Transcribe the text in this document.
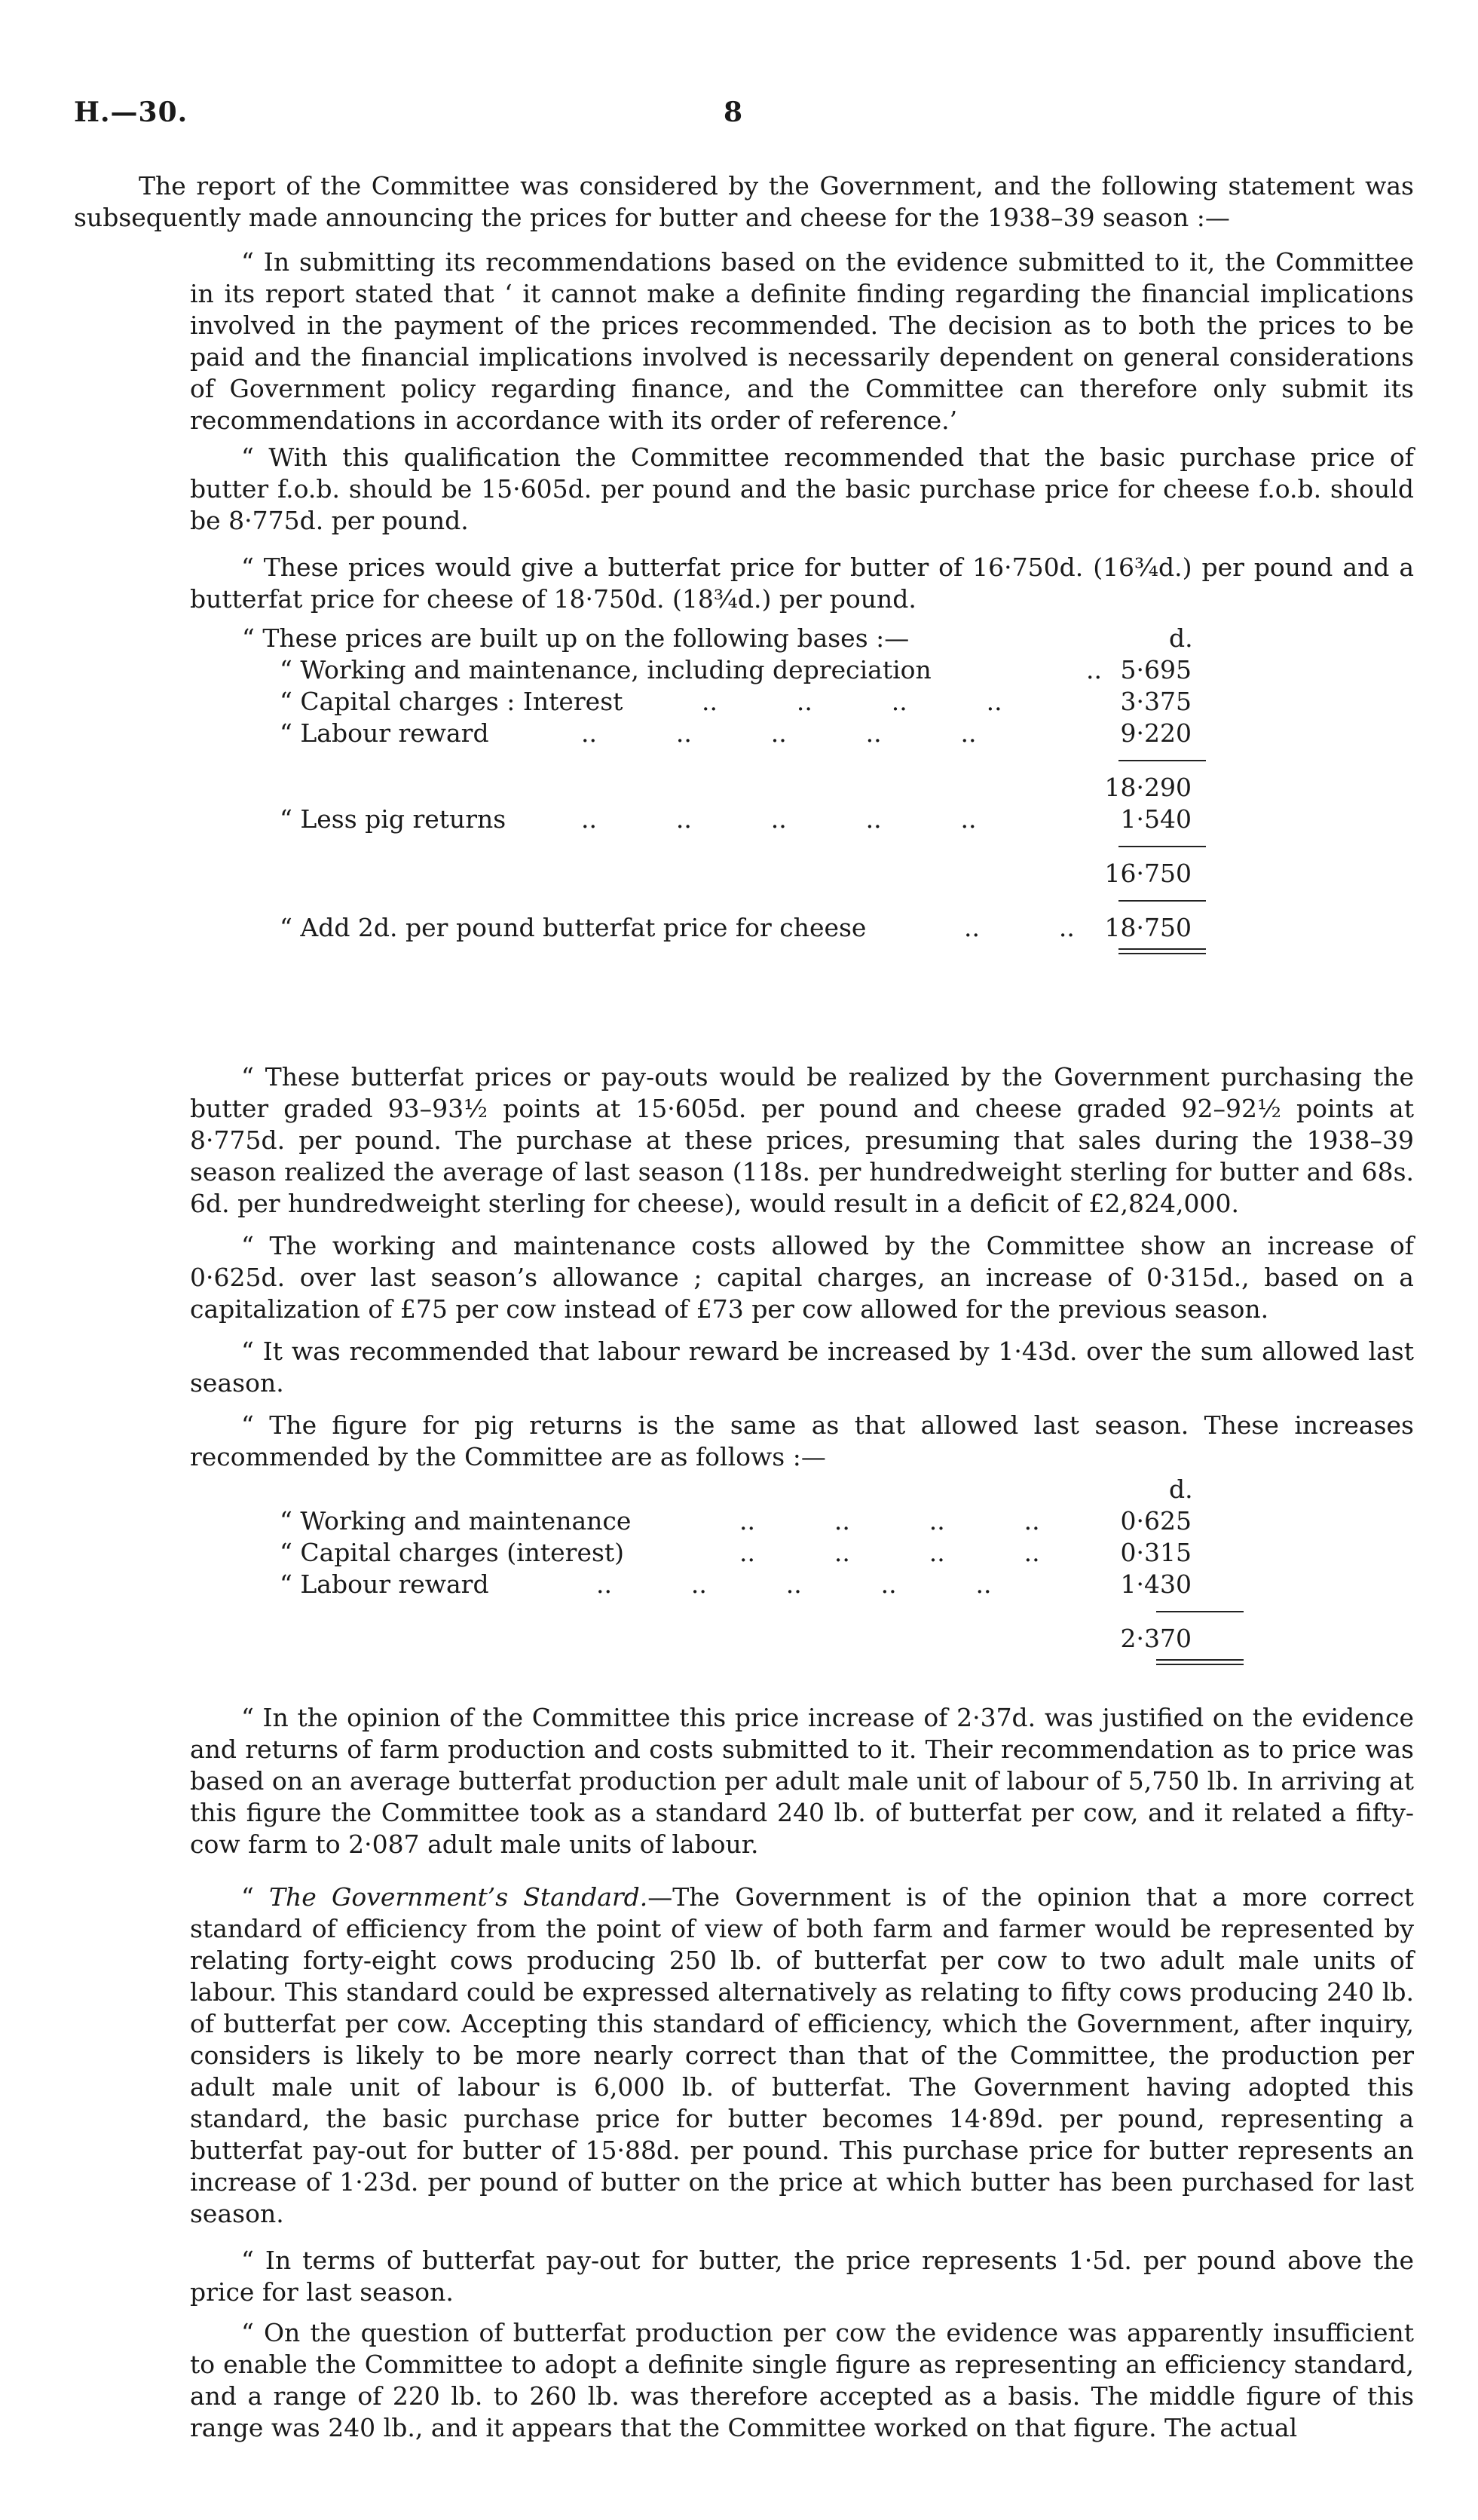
H.—30.	8

The report of the Committee was considered by the Government, and the following statement was subsequently made announcing the prices for butter and cheese for the 1938–39 season :—

“ In submitting its recommendations based on the evidence submitted to it, the Committee in its report stated that ‘ it cannot make a definite finding regarding the financial implications involved in the payment of the prices recommended. The decision as to both the prices to be paid and the financial implications involved is necessarily dependent on general considerations of Government policy regarding finance, and the Committee can therefore only submit its recommendations in accordance with its order of reference.’

“ With this qualification the Committee recommended that the basic purchase price of butter f.o.b. should be 15·605d. per pound and the basic purchase price for cheese f.o.b. should be 8·775d. per pound.

“ These prices would give a butterfat price for butter of 16·750d. (16¾d.) per pound and a butterfat price for cheese of 18·750d. (18¾d.) per pound.

“ These prices are built up on the following bases :—	d.
“ Working and maintenance, including depreciation	.. 5·695
“ Capital charges : Interest	..          ..          ..          ..	3·375
“ Labour reward	..          ..          ..          ..          ..	9·220
18·290
“ Less pig returns	..          ..          ..          ..          ..	1·540
16·750
“ Add 2d. per pound butterfat price for cheese	..          ..	18·750

“ These butterfat prices or pay-outs would be realized by the Government purchasing the butter graded 93–93½ points at 15·605d. per pound and cheese graded 92–92½ points at 8·775d. per pound. The purchase at these prices, presuming that sales during the 1938–39 season realized the average of last season (118s. per hundredweight sterling for butter and 68s. 6d. per hundredweight sterling for cheese), would result in a deficit of £2,824,000.

“ The working and maintenance costs allowed by the Committee show an increase of 0·625d. over last season’s allowance ; capital charges, an increase of 0·315d., based on a capitalization of £75 per cow instead of £73 per cow allowed for the previous season.

“ It was recommended that labour reward be increased by 1·43d. over the sum allowed last season.

“ The figure for pig returns is the same as that allowed last season. These increases recommended by the Committee are as follows :—

d.
“ Working and maintenance	..          ..          ..          ..	0·625
“ Capital charges (interest)	..          ..          ..          ..	0·315
“ Labour reward	..          ..          ..          ..          ..	1·430
2·370

“ In the opinion of the Committee this price increase of 2·37d. was justified on the evidence and returns of farm production and costs submitted to it. Their recommendation as to price was based on an average butterfat production per adult male unit of labour of 5,750 lb. In arriving at this figure the Committee took as a standard 240 lb. of butterfat per cow, and it related a fifty-cow farm to 2·087 adult male units of labour.

“ The Government’s Standard.—The Government is of the opinion that a more correct standard of efficiency from the point of view of both farm and farmer would be represented by relating forty-eight cows producing 250 lb. of butterfat per cow to two adult male units of labour. This standard could be expressed alternatively as relating to fifty cows producing 240 lb. of butterfat per cow. Accepting this standard of efficiency, which the Government, after inquiry, considers is likely to be more nearly correct than that of the Committee, the production per adult male unit of labour is 6,000 lb. of butterfat. The Government having adopted this standard, the basic purchase price for butter becomes 14·89d. per pound, representing a butterfat pay-out for butter of 15·88d. per pound. This purchase price for butter represents an increase of 1·23d. per pound of butter on the price at which butter has been purchased for last season.

“ In terms of butterfat pay-out for butter, the price represents 1·5d. per pound above the price for last season.

“ On the question of butterfat production per cow the evidence was apparently insufficient to enable the Committee to adopt a definite single figure as representing an efficiency standard, and a range of 220 lb. to 260 lb. was therefore accepted as a basis. The middle figure of this range was 240 lb., and it appears that the Committee worked on that figure. The actual
